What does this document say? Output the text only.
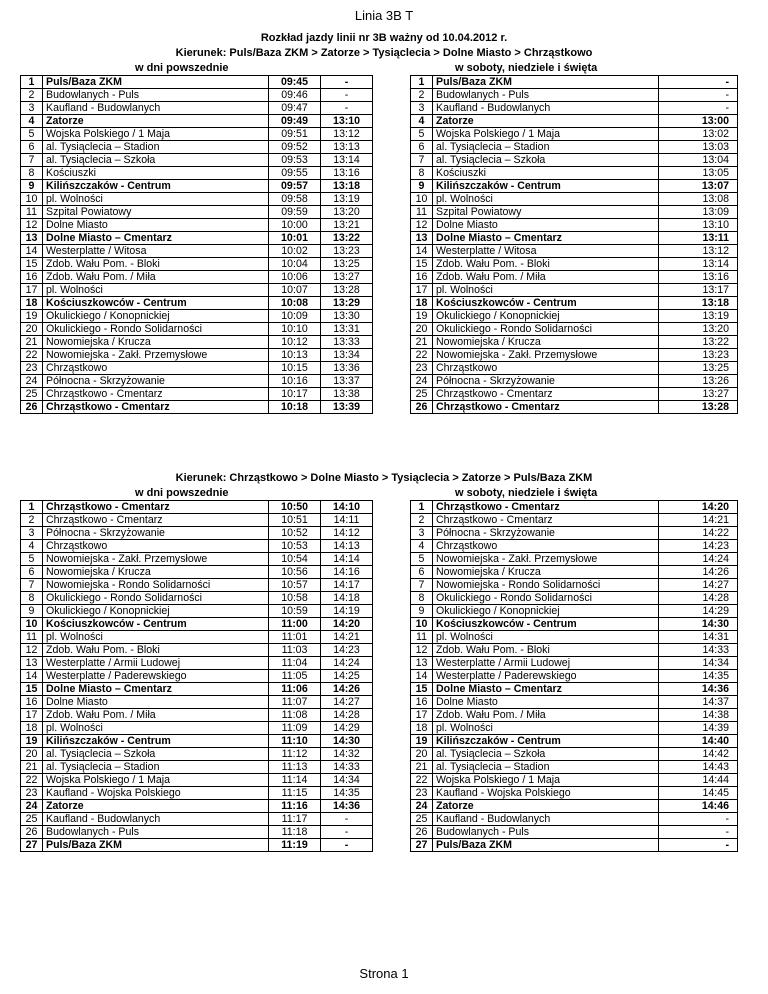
Linia 3B T
Rozkład jazdy linii nr 3B ważny od 10.04.2012 r.
Kierunek: Puls/Baza ZKM > Zatorze > Tysiąclecia > Dolne Miasto > Chrząstkowo
w dni powszednie	w soboty, niedziele i święta
Kierunek: Chrząstkowo > Dolne Miasto > Tysiąclecia > Zatorze > Puls/Baza ZKM
w dni powszednie	w soboty, niedziele i święta
1	Puls/Baza ZKM	09:45	-		1	Puls/Baza ZKM	-
2	Budowlanych - Puls	09:46	-		2	Budowlanych - Puls	-
3	Kaufland - Budowlanych	09:47	-		3	Kaufland - Budowlanych	-
4	Zatorze	09:49	13:10		4	Zatorze	13:00
5	Wojska Polskiego / 1 Maja	09:51	13:12		5	Wojska Polskiego / 1 Maja	13:02
6	al. Tysiąclecia – Stadion	09:52	13:13		6	al. Tysiąclecia – Stadion	13:03
7	al. Tysiąclecia – Szkoła	09:53	13:14		7	al. Tysiąclecia – Szkoła	13:04
8	Kościuszki	09:55	13:16		8	Kościuszki	13:05
9	Kilińszczaków - Centrum	09:57	13:18		9	Kilińszczaków - Centrum	13:07
10	pl. Wolności	09:58	13:19		10	pl. Wolności	13:08
11	Szpital Powiatowy	09:59	13:20		11	Szpital Powiatowy	13:09
12	Dolne Miasto	10:00	13:21		12	Dolne Miasto	13:10
13	Dolne Miasto – Cmentarz	10:01	13:22		13	Dolne Miasto – Cmentarz	13:11
14	Westerplatte / Witosa	10:02	13:23		14	Westerplatte / Witosa	13:12
15	Zdob. Wału Pom. - Bloki	10:04	13:25		15	Zdob. Wału Pom. - Bloki	13:14
16	Zdob. Wału Pom. / Miła	10:06	13:27		16	Zdob. Wału Pom. / Miła	13:16
17	pl. Wolności	10:07	13:28		17	pl. Wolności	13:17
18	Kościuszkowców - Centrum	10:08	13:29		18	Kościuszkowców - Centrum	13:18
19	Okulickiego / Konopnickiej	10:09	13:30		19	Okulickiego / Konopnickiej	13:19
20	Okulickiego - Rondo Solidarności	10:10	13:31		20	Okulickiego - Rondo Solidarności	13:20
21	Nowomiejska / Krucza	10:12	13:33		21	Nowomiejska / Krucza	13:22
22	Nowomiejska - Zakł. Przemysłowe	10:13	13:34		22	Nowomiejska - Zakł. Przemysłowe	13:23
23	Chrząstkowo	10:15	13:36		23	Chrząstkowo	13:25
24	Północna - Skrzyżowanie	10:16	13:37		24	Północna - Skrzyżowanie	13:26
25	Chrząstkowo - Cmentarz	10:17	13:38		25	Chrząstkowo - Cmentarz	13:27
26	Chrząstkowo - Cmentarz	10:18	13:39		26	Chrząstkowo - Cmentarz	13:28
1	Chrząstkowo - Cmentarz	10:50	14:10		1	Chrząstkowo - Cmentarz	14:20
2	Chrząstkowo - Cmentarz	10:51	14:11		2	Chrząstkowo - Cmentarz	14:21
3	Północna - Skrzyżowanie	10:52	14:12		3	Północna - Skrzyżowanie	14:22
4	Chrząstkowo	10:53	14:13		4	Chrząstkowo	14:23
5	Nowomiejska - Zakł. Przemysłowe	10:54	14:14		5	Nowomiejska - Zakł. Przemysłowe	14:24
6	Nowomiejska / Krucza	10:56	14:16		6	Nowomiejska / Krucza	14:26
7	Nowomiejska - Rondo Solidarności	10:57	14:17		7	Nowomiejska - Rondo Solidarności	14:27
8	Okulickiego - Rondo Solidarności	10:58	14:18		8	Okulickiego - Rondo Solidarności	14:28
9	Okulickiego / Konopnickiej	10:59	14:19		9	Okulickiego / Konopnickiej	14:29
10	Kościuszkowców - Centrum	11:00	14:20		10	Kościuszkowców - Centrum	14:30
11	pl. Wolności	11:01	14:21		11	pl. Wolności	14:31
12	Zdob. Wału Pom. - Bloki	11:03	14:23		12	Zdob. Wału Pom. - Bloki	14:33
13	Westerplatte / Armii Ludowej	11:04	14:24		13	Westerplatte / Armii Ludowej	14:34
14	Westerplatte / Paderewskiego	11:05	14:25		14	Westerplatte / Paderewskiego	14:35
15	Dolne Miasto – Cmentarz	11:06	14:26		15	Dolne Miasto – Cmentarz	14:36
16	Dolne Miasto	11:07	14:27		16	Dolne Miasto	14:37
17	Zdob. Wału Pom. / Miła	11:08	14:28		17	Zdob. Wału Pom. / Miła	14:38
18	pl. Wolności	11:09	14:29		18	pl. Wolności	14:39
19	Kilińszczaków - Centrum	11:10	14:30		19	Kilińszczaków - Centrum	14:40
20	al. Tysiąclecia – Szkoła	11:12	14:32		20	al. Tysiąclecia – Szkoła	14:42
21	al. Tysiąclecia – Stadion	11:13	14:33		21	al. Tysiąclecia – Stadion	14:43
22	Wojska Polskiego / 1 Maja	11:14	14:34		22	Wojska Polskiego / 1 Maja	14:44
23	Kaufland - Wojska Polskiego	11:15	14:35		23	Kaufland - Wojska Polskiego	14:45
24	Zatorze	11:16	14:36		24	Zatorze	14:46
25	Kaufland - Budowlanych	11:17	-		25	Kaufland - Budowlanych	-
26	Budowlanych - Puls	11:18	-		26	Budowlanych - Puls	-
27	Puls/Baza ZKM	11:19	-		27	Puls/Baza ZKM	-
Strona 1
